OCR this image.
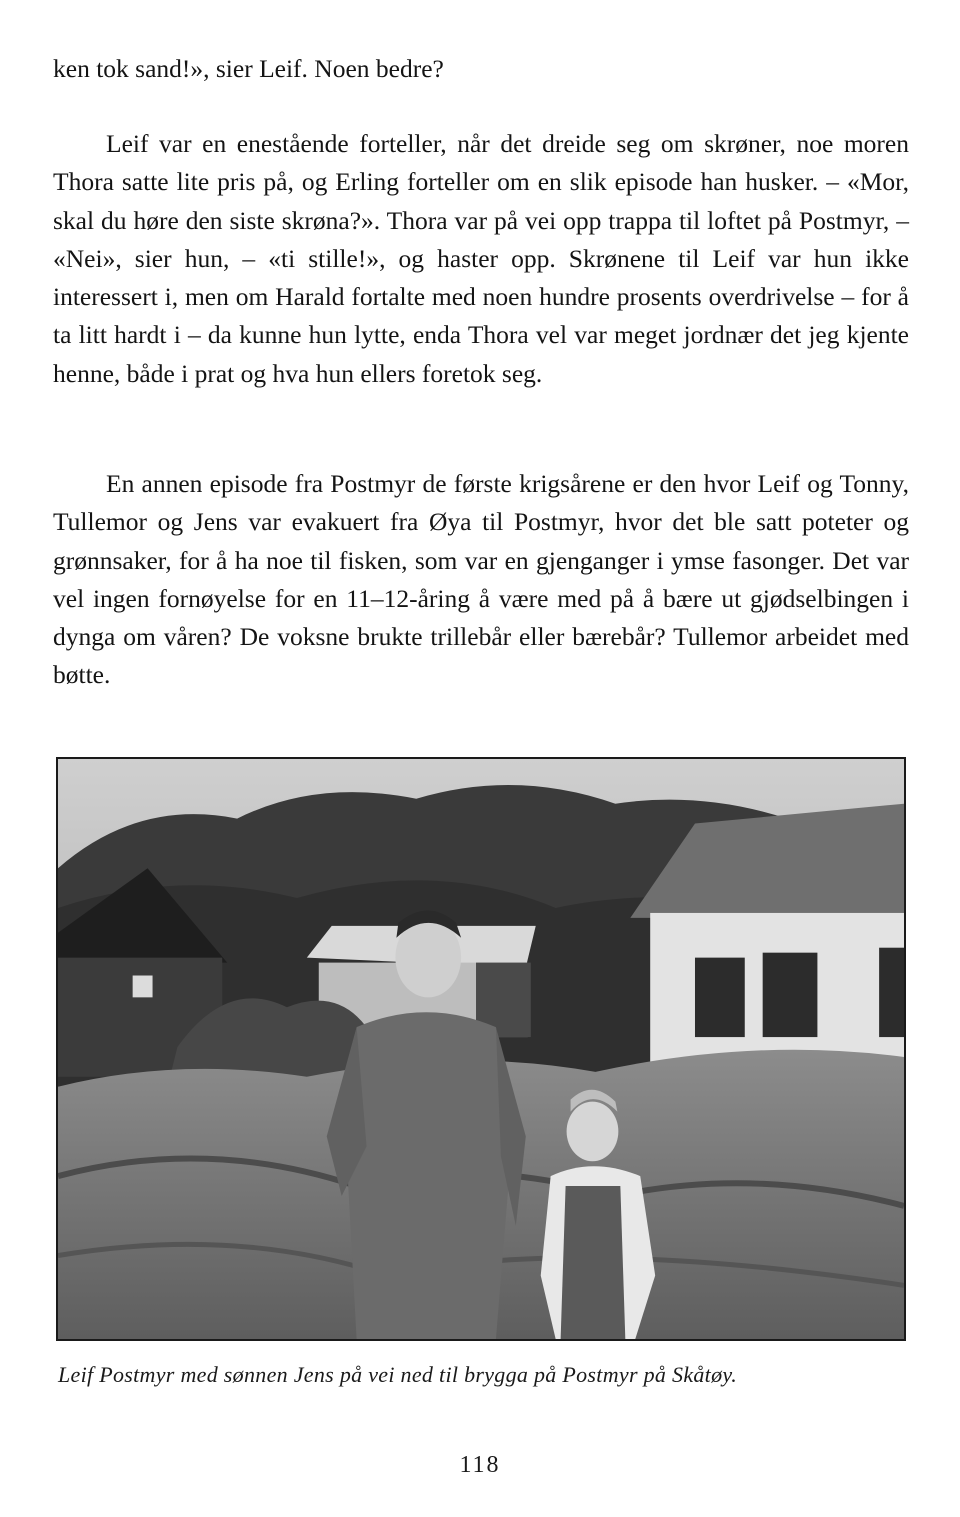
ken tok sand!», sier Leif. Noen bedre?

Leif var en enestående forteller, når det dreide seg om skrøner, noe moren Thora satte lite pris på, og Erling forteller om en slik episode han husker. – «Mor, skal du høre den siste skrøna?». Thora var på vei opp trappa til loftet på Postmyr, – «Nei», sier hun, – «ti stille!», og haster opp. Skrønene til Leif var hun ikke interessert i, men om Harald fortalte med noen hundre prosents overdrivelse – for å ta litt hardt i – da kunne hun lytte, enda Thora vel var meget jordnær det jeg kjente henne, både i prat og hva hun ellers foretok seg.

En annen episode fra Postmyr de første krigsårene er den hvor Leif og Tonny, Tullemor og Jens var evakuert fra Øya til Postmyr, hvor det ble satt poteter og grønnsaker, for å ha noe til fisken, som var en gjenganger i ymse fasonger. Det var vel ingen fornøyelse for en 11–12-åring å være med på å bære ut gjødselbingen i dynga om våren? De voksne brukte trillebår eller bærebår? Tullemor arbeidet med bøtte.

Leif Postmyr med sønnen Jens på vei ned til brygga på Postmyr på Skåtøy.
118
